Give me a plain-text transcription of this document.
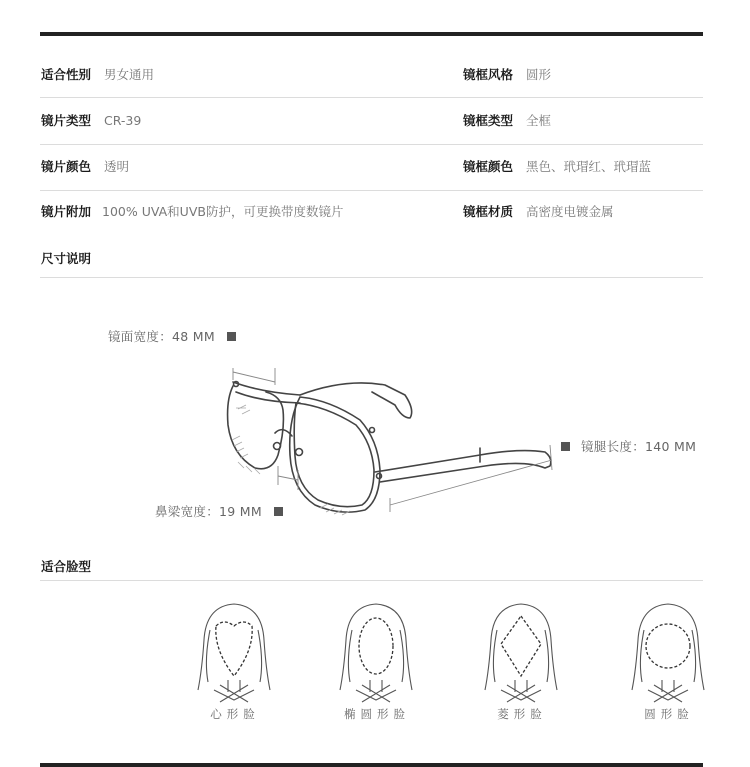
适合性别 男女通用	镜框风格 圆形
镜片类型 CR-39	镜框类型 全框
镜片颜色 透明	镜框颜色 黑色、玳瑁红、玳瑁蓝
镜片附加 100% UVA和UVB防护，可更换带度数镜片	镜框材质 高密度电镀金属
尺寸说明
镜面宽度：48 MM
镜腿长度：140 MM
鼻梁宽度：19 MM
适合脸型
心形脸	椭圆形脸	菱形脸	圆形脸
